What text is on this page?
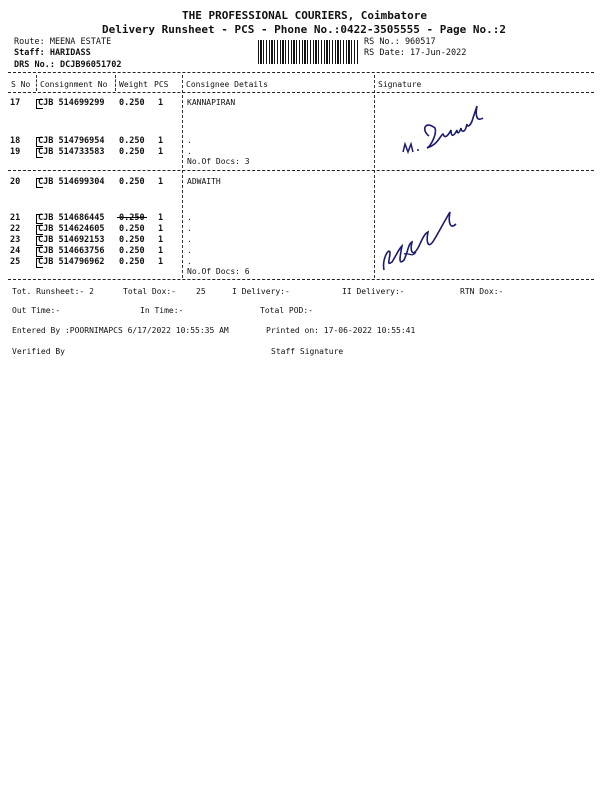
THE PROFESSIONAL COURIERS, Coimbatore
Delivery Runsheet - PCS - Phone No.:0422-3505555 - Page No.:2
Route: MEENA ESTATE
Staff: HARIDASS
DRS No.: DCJB96051702
RS No.: 960517
RS Date: 17-Jun-2022
S No Consignment No Weight PCS Consignee Details	Signature
17 CJB 514699299 0.250 1	KANNAPIRAN
18 CJB 514796954 0.250 1	.
19 CJB 514733583 0.250 1	.
No.Of Docs: 3
20 CJB 514699304 0.250 1	ADWAITH
21 CJB 514686445 0.250 1	.
22 CJB 514624605 0.250 1	.
23 CJB 514692153 0.250 1	.
24 CJB 514663756 0.250 1	.
25 CJB 514796962 0.250 1	.
No.Of Docs: 6
Tot. Runsheet:- 2	Total Dox:-	25	I Delivery:-	II Delivery:-	RTN Dox:-
Out Time:-	In Time:-	Total POD:-
Entered By :POORNIMAPCS 6/17/2022 10:55:35 AM	Printed on: 17-06-2022 10:55:41
Verified By	Staff Signature
